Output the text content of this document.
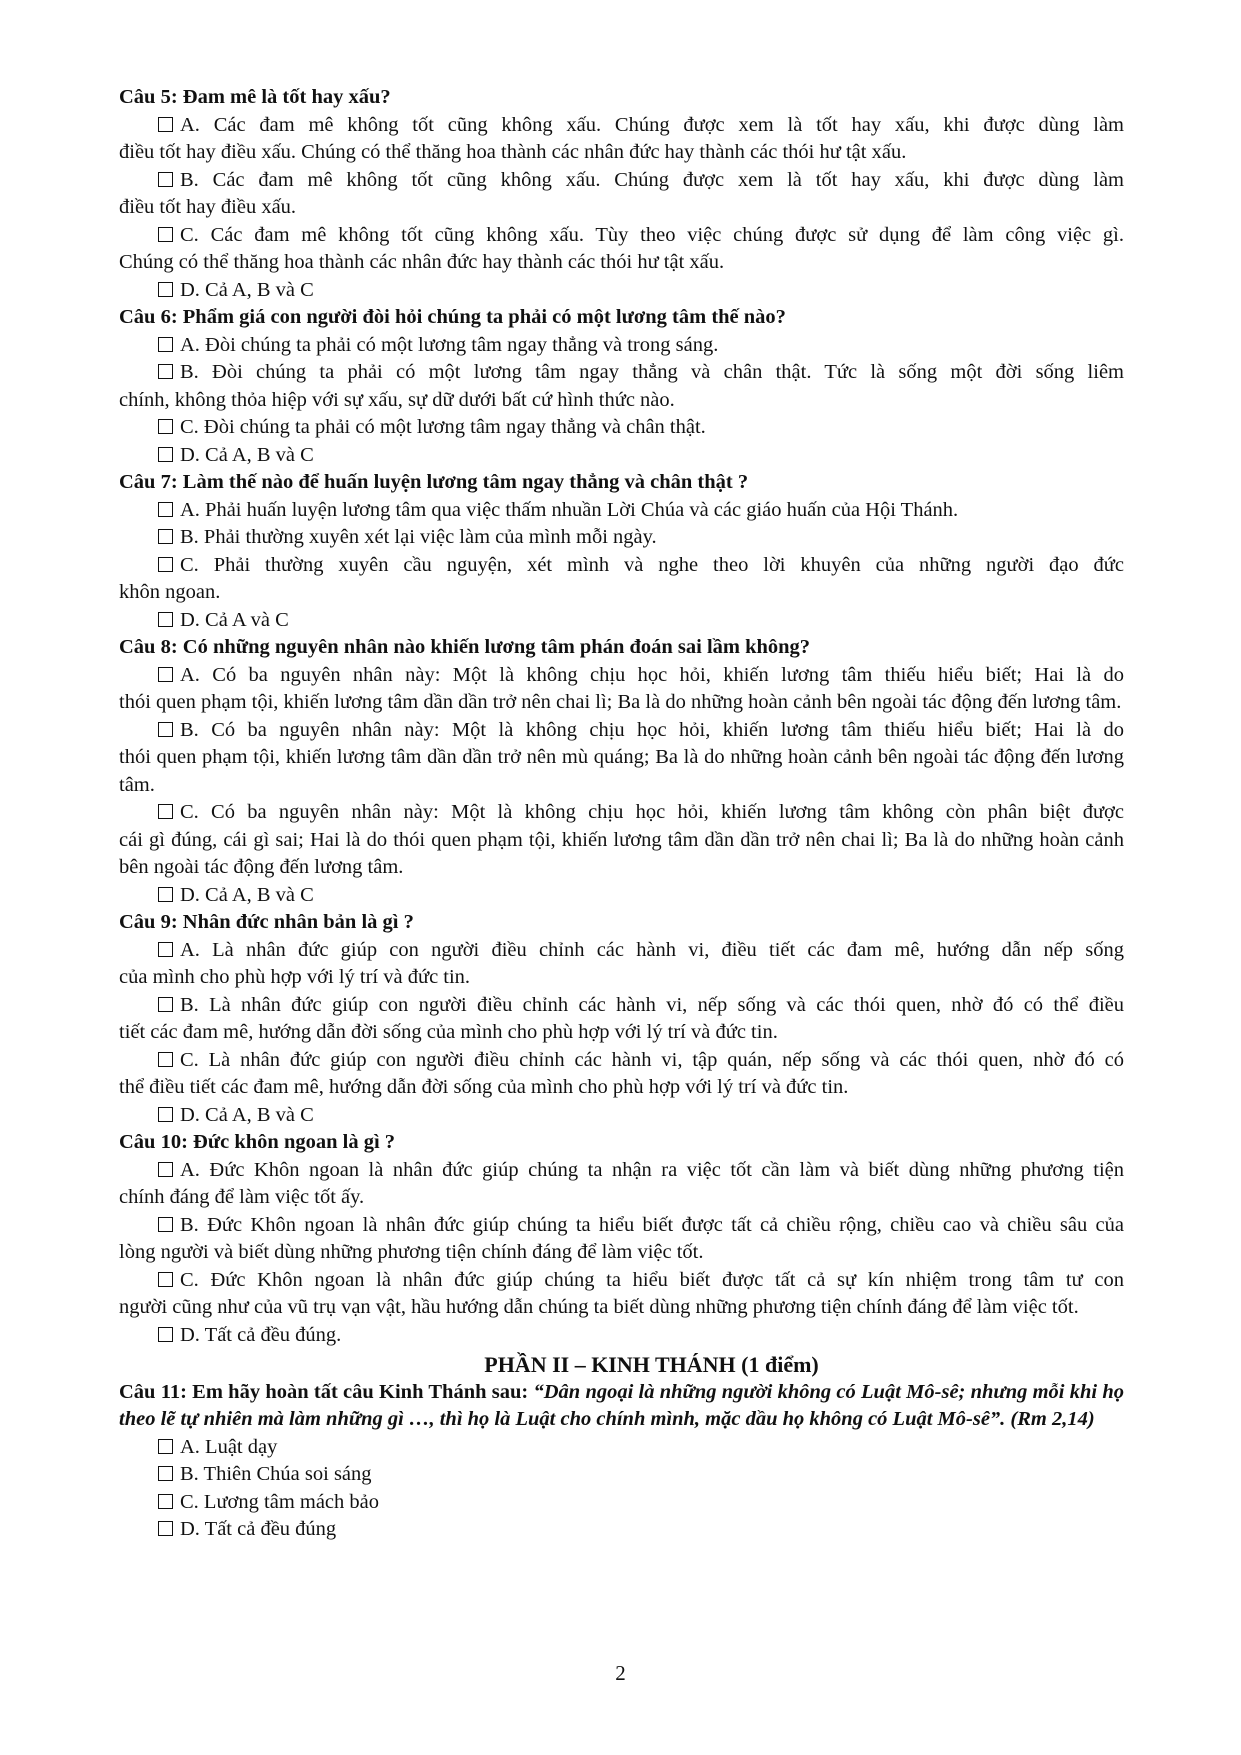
Câu 5: Đam mê là tốt hay xấu?
A. Các đam mê không tốt cũng không xấu. Chúng được xem là tốt hay xấu, khi được dùng làm
điều tốt hay điều xấu. Chúng có thể thăng hoa thành các nhân đức hay thành các thói hư tật xấu.
B. Các đam mê không tốt cũng không xấu. Chúng được xem là tốt hay xấu, khi được dùng làm
điều tốt hay điều xấu.
C. Các đam mê không tốt cũng không xấu. Tùy theo việc chúng được sử dụng để làm công việc gì.
Chúng có thể thăng hoa thành các nhân đức hay thành các thói hư tật xấu.
D. Cả A, B và C
Câu 6: Phẩm giá con người đòi hỏi chúng ta phải có một lương tâm thế nào?
A. Đòi chúng ta phải có một lương tâm ngay thẳng và trong sáng.
B. Đòi chúng ta phải có một lương tâm ngay thẳng và chân thật. Tức là sống một đời sống liêm
chính, không thỏa hiệp với sự xấu, sự dữ dưới bất cứ hình thức nào.
C. Đòi chúng ta phải có một lương tâm ngay thẳng và chân thật.
D. Cả A, B và C
Câu 7: Làm thế nào để huấn luyện lương tâm ngay thẳng và chân thật ?
A. Phải huấn luyện lương tâm qua việc thấm nhuần Lời Chúa và các giáo huấn của Hội Thánh.
B. Phải thường xuyên xét lại việc làm của mình mỗi ngày.
C. Phải thường xuyên cầu nguyện, xét mình và nghe theo lời khuyên của những người đạo đức
khôn ngoan.
D. Cả A và C
Câu 8: Có những nguyên nhân nào khiến lương tâm phán đoán sai lầm không?
A. Có ba nguyên nhân này: Một là không chịu học hỏi, khiến lương tâm thiếu hiểu biết; Hai là do
thói quen phạm tội, khiến lương tâm dần dần trở nên chai lì; Ba là do những hoàn cảnh bên ngoài tác động đến lương tâm.
B. Có ba nguyên nhân này: Một là không chịu học hỏi, khiến lương tâm thiếu hiểu biết; Hai là do
thói quen phạm tội, khiến lương tâm dần dần trở nên mù quáng; Ba là do những hoàn cảnh bên ngoài tác động đến lương tâm.
C. Có ba nguyên nhân này: Một là không chịu học hỏi, khiến lương tâm không còn phân biệt được
cái gì đúng, cái gì sai; Hai là do thói quen phạm tội, khiến lương tâm dần dần trở nên chai lì; Ba là do những hoàn cảnh bên ngoài tác động đến lương tâm.
D. Cả A, B và C
Câu 9: Nhân đức nhân bản là gì ?
A. Là nhân đức giúp con người điều chỉnh các hành vi, điều tiết các đam mê, hướng dẫn nếp sống
của mình cho phù hợp với lý trí và đức tin.
B. Là nhân đức giúp con người điều chỉnh các hành vi, nếp sống và các thói quen, nhờ đó có thể điều
tiết các đam mê, hướng dẫn đời sống của mình cho phù hợp với lý trí và đức tin.
C. Là nhân đức giúp con người điều chỉnh các hành vi, tập quán, nếp sống và các thói quen, nhờ đó có
thể điều tiết các đam mê, hướng dẫn đời sống của mình cho phù hợp với lý trí và đức tin.
D. Cả A, B và C
Câu 10: Đức khôn ngoan là gì ?
A. Đức Khôn ngoan là nhân đức giúp chúng ta nhận ra việc tốt cần làm và biết dùng những phương tiện
chính đáng để làm việc tốt ấy.
B. Đức Khôn ngoan là nhân đức giúp chúng ta hiểu biết được tất cả chiều rộng, chiều cao và chiều sâu của
lòng người và biết dùng những phương tiện chính đáng để làm việc tốt.
C. Đức Khôn ngoan là nhân đức giúp chúng ta hiểu biết được tất cả sự kín nhiệm trong tâm tư con
người cũng như của vũ trụ vạn vật, hầu hướng dẫn chúng ta biết dùng những phương tiện chính đáng để làm việc tốt.
D. Tất cả đều đúng.
PHẦN II – KINH THÁNH (1 điểm)
Câu 11: Em hãy hoàn tất câu Kinh Thánh sau: “Dân ngoại là những người không có Luật Mô-sê; nhưng mỗi khi họ theo lẽ tự nhiên mà làm những gì …, thì họ là Luật cho chính mình, mặc dầu họ không có Luật Mô-sê”. (Rm 2,14)
A. Luật dạy
B. Thiên Chúa soi sáng
C. Lương tâm mách bảo
D. Tất cả đều đúng
2
